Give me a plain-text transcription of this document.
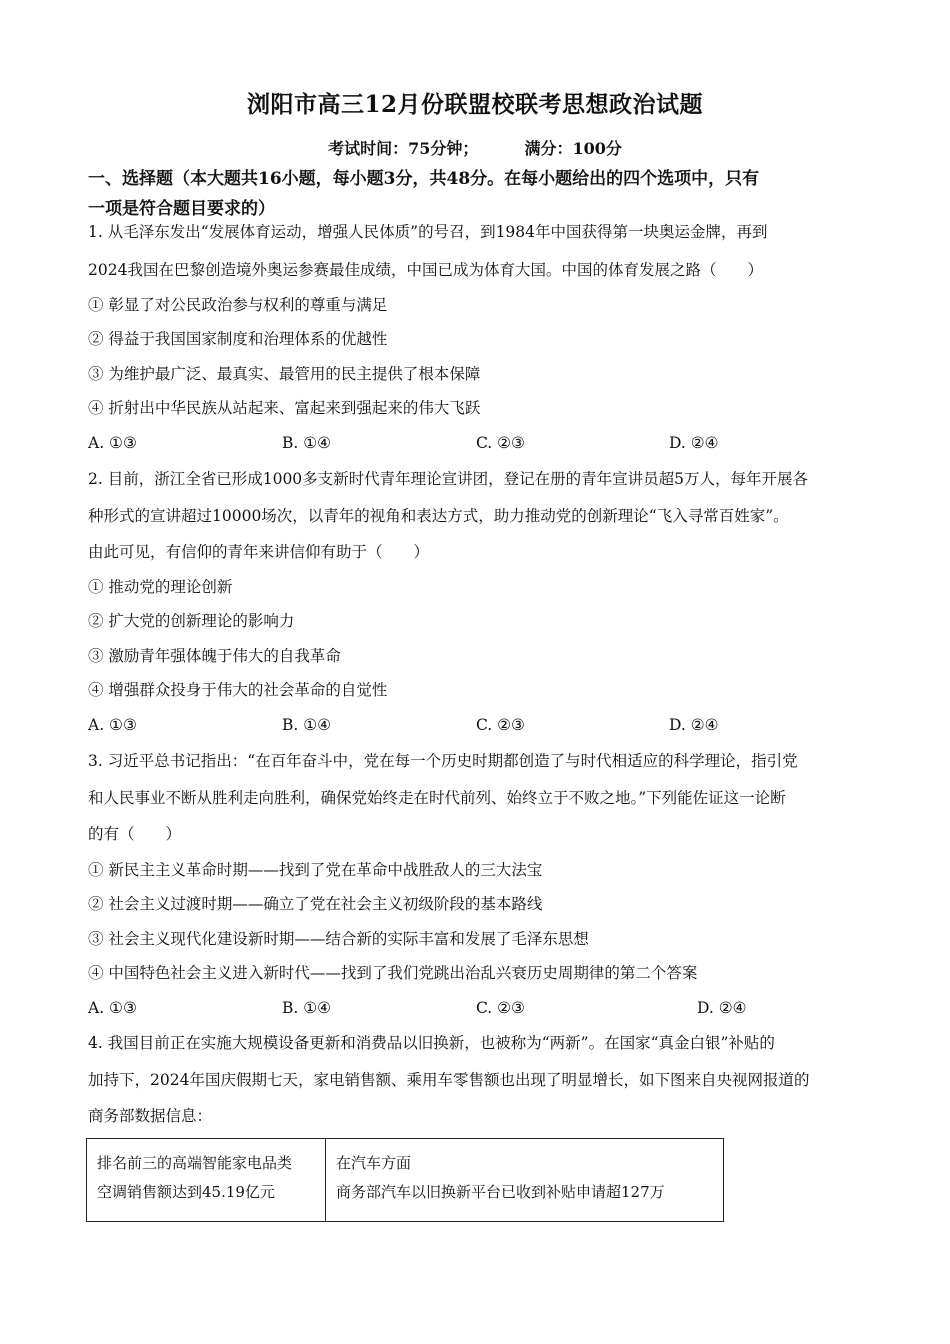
浏阳市高三12月份联盟校联考思想政治试题
考试时间：75分钟；	满分：100分
一、选择题（本大题共16小题，每小题3分，共48分。在每小题给出的四个选项中，只有
一项是符合题目要求的）
1. 从毛泽东发出“发展体育运动，增强人民体质”的号召，到1984年中国获得第一块奥运金牌，再到
2024我国在巴黎创造境外奥运参赛最佳成绩，中国已成为体育大国。中国的体育发展之路（　　）
① 彰显了对公民政治参与权利的尊重与满足
② 得益于我国国家制度和治理体系的优越性
③ 为维护最广泛、最真实、最管用的民主提供了根本保障
④ 折射出中华民族从站起来、富起来到强起来的伟大飞跃
A. ①③	B. ①④	C. ②③	D. ②④
2. 目前，浙江全省已形成1000多支新时代青年理论宣讲团，登记在册的青年宣讲员超5万人，每年开展各
种形式的宣讲超过10000场次，以青年的视角和表达方式，助力推动党的创新理论“飞入寻常百姓家”。
由此可见，有信仰的青年来讲信仰有助于（　　）
① 推动党的理论创新
② 扩大党的创新理论的影响力
③ 激励青年强体魄于伟大的自我革命
④ 增强群众投身于伟大的社会革命的自觉性
A. ①③	B. ①④	C. ②③	D. ②④
3. 习近平总书记指出：“在百年奋斗中，党在每一个历史时期都创造了与时代相适应的科学理论，指引党
和人民事业不断从胜利走向胜利，确保党始终走在时代前列、始终立于不败之地。”下列能佐证这一论断
的有（　　）
① 新民主主义革命时期——找到了党在革命中战胜敌人的三大法宝
② 社会主义过渡时期——确立了党在社会主义初级阶段的基本路线
③ 社会主义现代化建设新时期——结合新的实际丰富和发展了毛泽东思想
④ 中国特色社会主义进入新时代——找到了我们党跳出治乱兴衰历史周期律的第二个答案
A. ①③	B. ①④	C. ②③	D. ②④
4. 我国目前正在实施大规模设备更新和消费品以旧换新，也被称为“两新”。在国家“真金白银”补贴的
加持下，2024年国庆假期七天，家电销售额、乘用车零售额也出现了明显增长，如下图来自央视网报道的
商务部数据信息：
排名前三的高端智能家电品类
空调销售额达到45.19亿元

在汽车方面
商务部汽车以旧换新平台已收到补贴申请超127万
